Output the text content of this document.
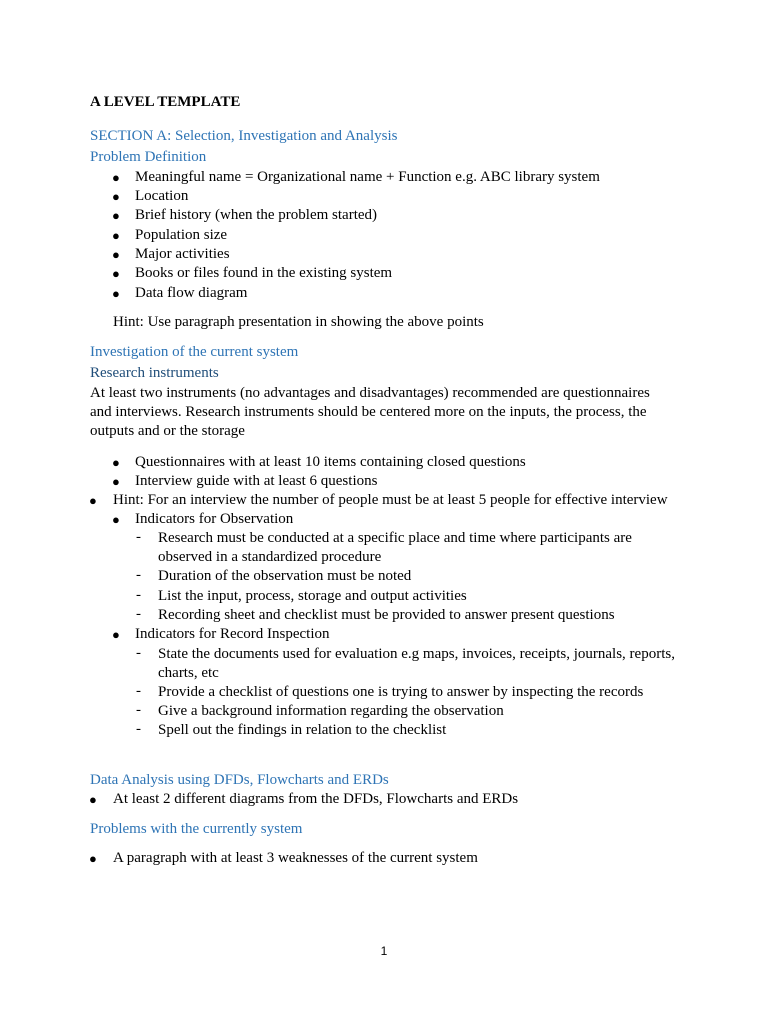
A LEVEL TEMPLATE
SECTION A: Selection, Investigation and Analysis
Problem Definition
● Meaningful name = Organizational name + Function e.g. ABC library system
● Location
● Brief history (when the problem started)
● Population size
● Major activities
● Books or files found in the existing system
● Data flow diagram
Hint: Use paragraph presentation in showing the above points
Investigation of the current system
Research instruments
At least two instruments (no advantages and disadvantages) recommended are questionnaires
and interviews. Research instruments should be centered more on the inputs, the process, the
outputs and or the storage
● Questionnaires with at least 10 items containing closed questions
● Interview guide with at least 6 questions
● Hint: For an interview the number of people must be at least 5 people for effective interview
● Indicators for Observation
- Research must be conducted at a specific place and time where participants are
observed in a standardized procedure
- Duration of the observation must be noted
- List the input, process, storage and output activities
- Recording sheet and checklist must be provided to answer present questions
● Indicators for Record Inspection
- State the documents used for evaluation e.g maps, invoices, receipts, journals, reports,
charts, etc
- Provide a checklist of questions one is trying to answer by inspecting the records
- Give a background information regarding the observation
- Spell out the findings in relation to the checklist
Data Analysis using DFDs, Flowcharts and ERDs
● At least 2 different diagrams from the DFDs, Flowcharts and ERDs
Problems with the currently system
● A paragraph with at least 3 weaknesses of the current system
1
